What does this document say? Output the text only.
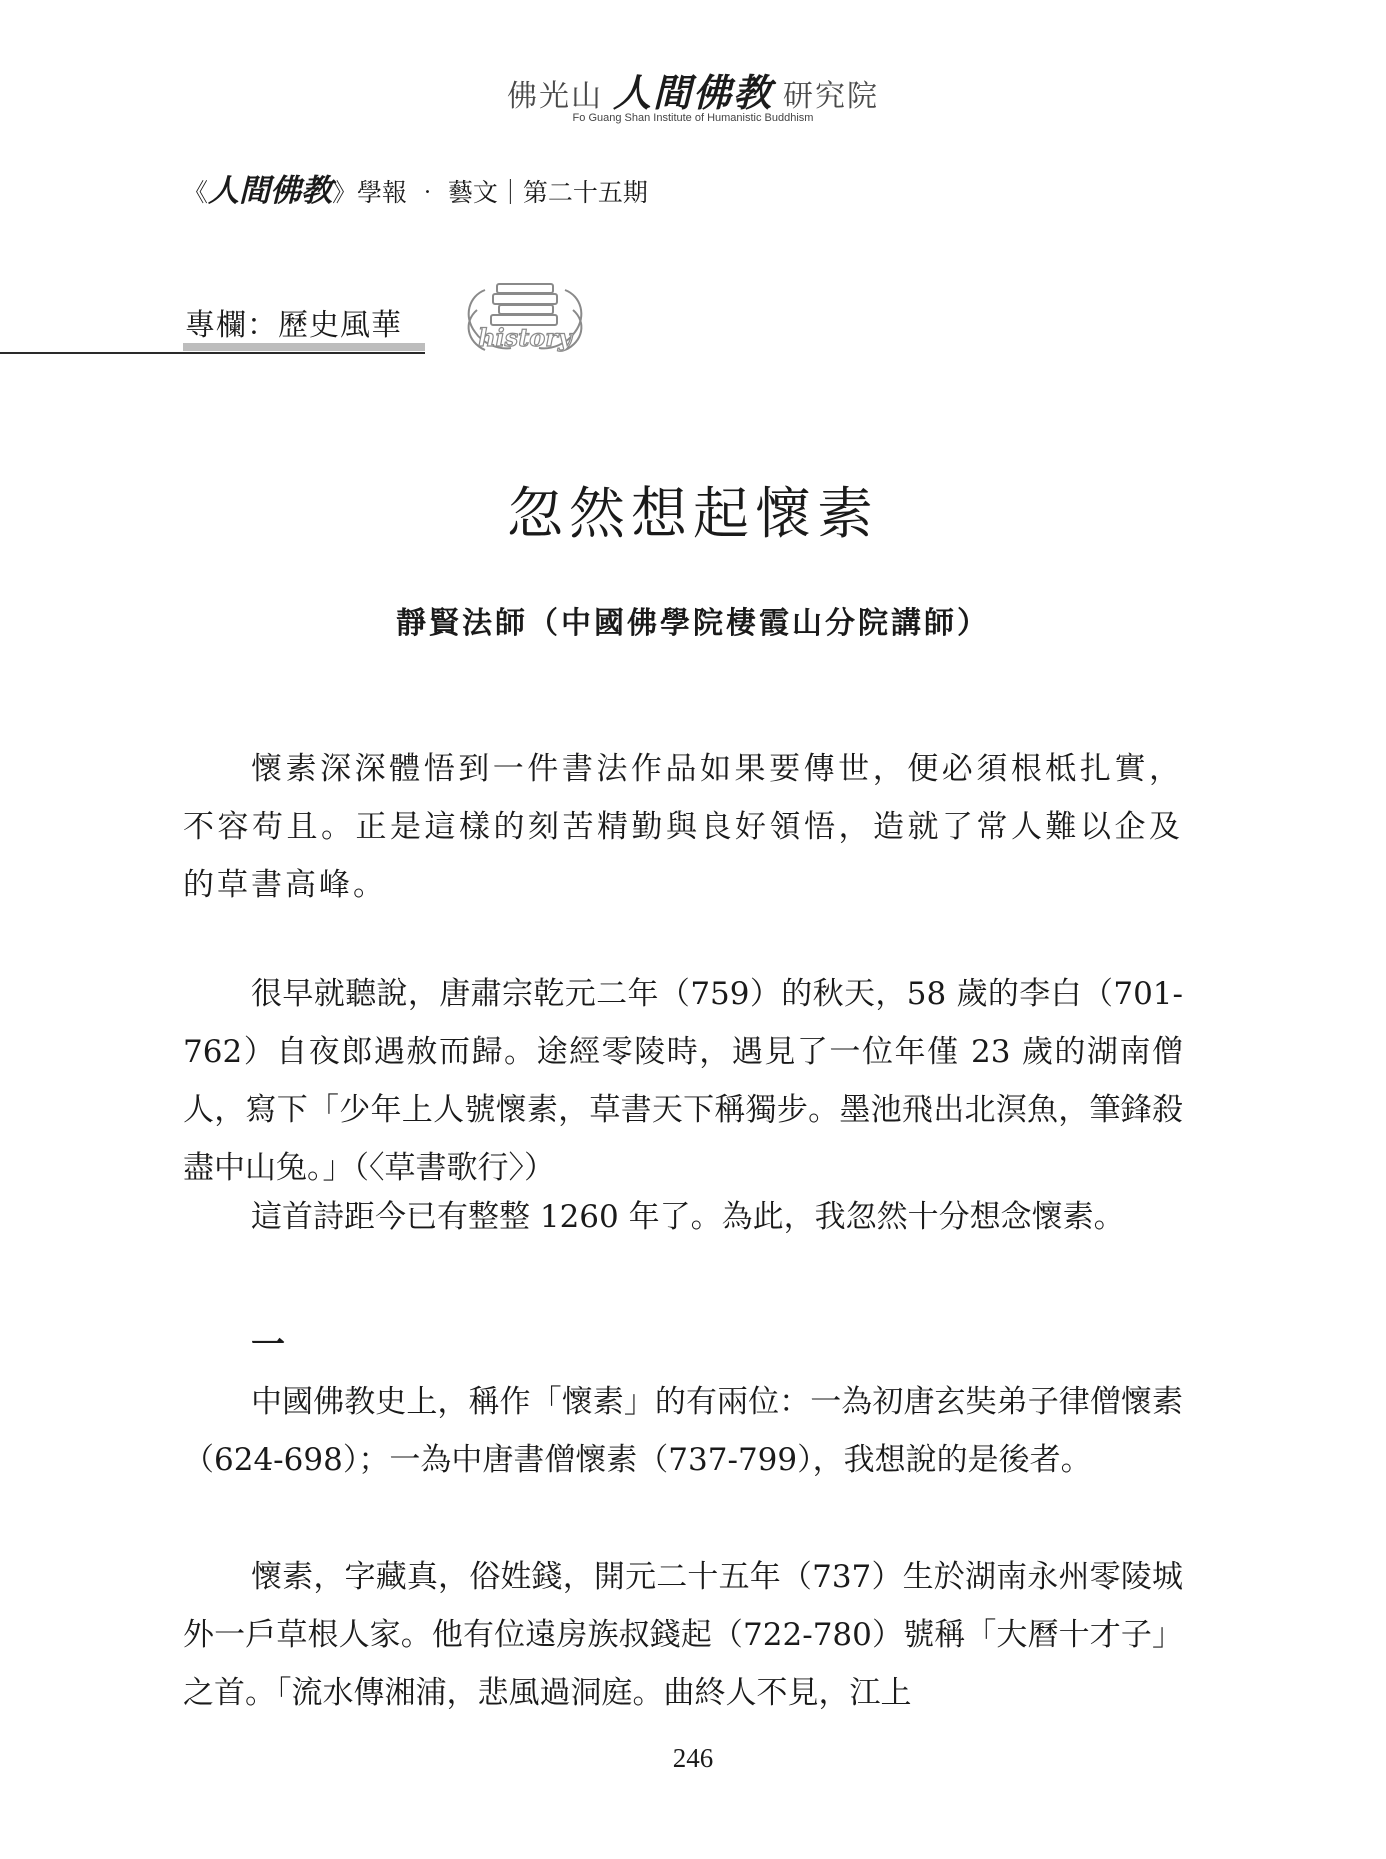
佛光山 人間佛教 研究院
Fo Guang Shan Institute of Humanistic Buddhism
《人間佛教》學報 ‧ 藝文｜第二十五期
專欄：歷史風華	history
忽然想起懷素
靜賢法師（中國佛學院棲霞山分院講師）

懷素深深體悟到一件書法作品如果要傳世，便必須根柢扎實，不容苟且。正是這樣的刻苦精勤與良好領悟，造就了常人難以企及的草書高峰。

很早就聽說，唐肅宗乾元二年（759）的秋天，58 歲的李白（701-762）自夜郎遇赦而歸。途經零陵時，遇見了一位年僅 23 歲的湖南僧人，寫下「少年上人號懷素，草書天下稱獨步。墨池飛出北溟魚，筆鋒殺盡中山兔。」（〈草書歌行〉）

這首詩距今已有整整 1260 年了。為此，我忽然十分想念懷素。

一

中國佛教史上，稱作「懷素」的有兩位：一為初唐玄奘弟子律僧懷素（624-698）；一為中唐書僧懷素（737-799），我想說的是後者。

懷素，字藏真，俗姓錢，開元二十五年（737）生於湖南永州零陵城外一戶草根人家。他有位遠房族叔錢起（722-780）號稱「大曆十才子」之首。「流水傳湘浦，悲風過洞庭。曲終人不見，江上

246
